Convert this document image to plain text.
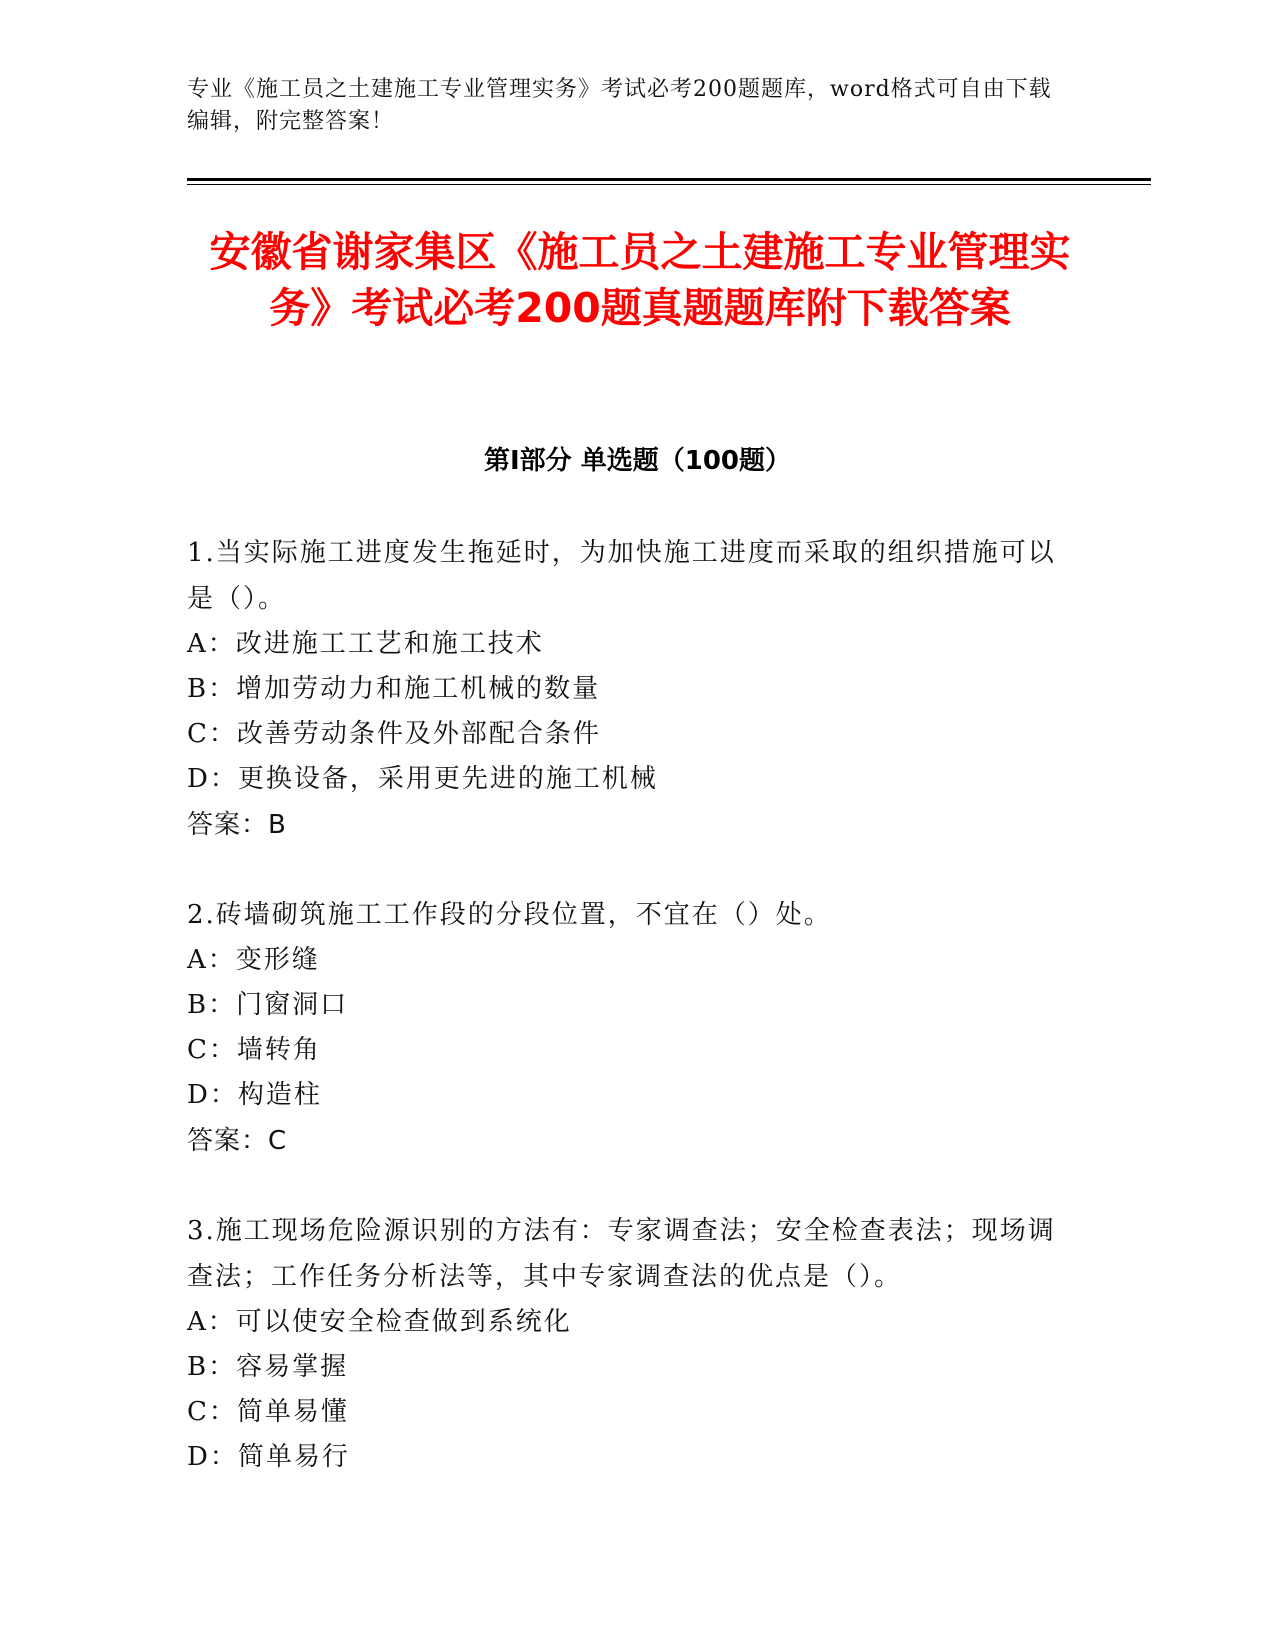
专业《施工员之土建施工专业管理实务》考试必考200题题库，word格式可自由下载编辑，附完整答案！
安徽省谢家集区《施工员之土建施工专业管理实务》考试必考200题真题题库附下载答案
第I部分 单选题（100题）
1.当实际施工进度发生拖延时，为加快施工进度而采取的组织措施可以是（）。
A：改进施工工艺和施工技术
B：增加劳动力和施工机械的数量
C：改善劳动条件及外部配合条件
D：更换设备，采用更先进的施工机械
答案：B
2.砖墙砌筑施工工作段的分段位置，不宜在（）处。
A：变形缝
B：门窗洞口
C：墙转角
D：构造柱
答案：C
3.施工现场危险源识别的方法有：专家调查法；安全检查表法；现场调查法；工作任务分析法等，其中专家调查法的优点是（）。
A：可以使安全检查做到系统化
B：容易掌握
C：简单易懂
D：简单易行
